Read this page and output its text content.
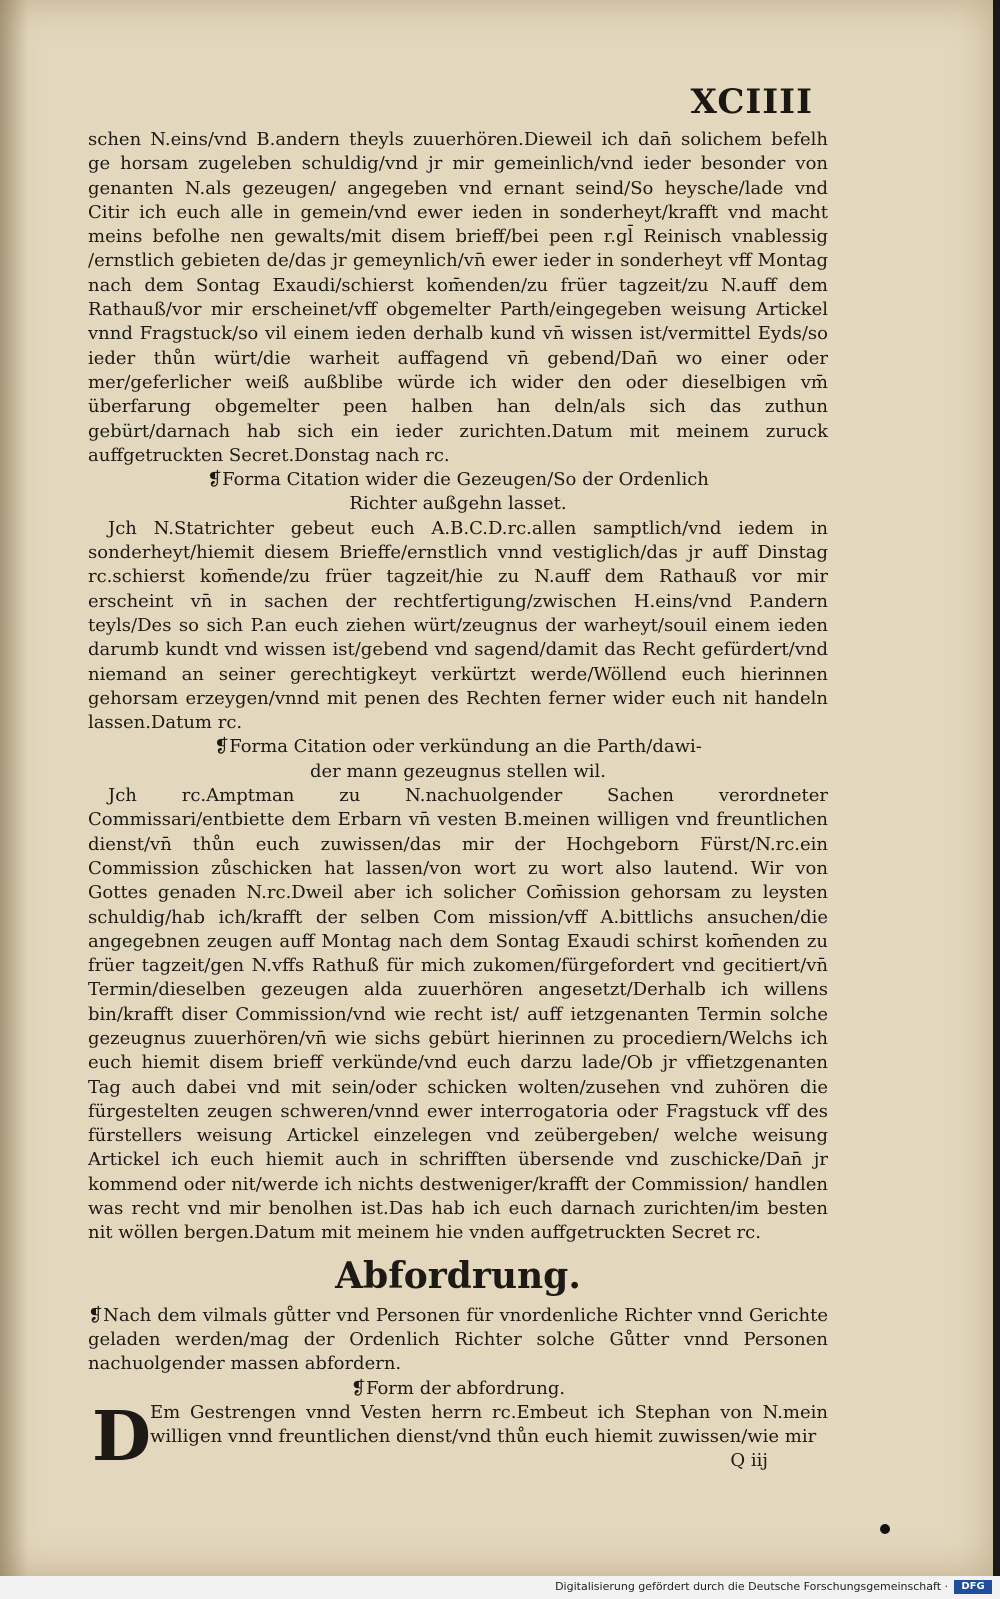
XCIIII

schen N.eins/vnd B.andern theyls zuuerhören.Dieweil ich dan̄ solichem befelh ge horsam zugeleben schuldig/vnd jr mir gemeinlich/vnd ieder besonder von genanten N.als gezeugen/ angegeben vnd ernant seind/So heysche/lade vnd Citir ich euch alle in gemein/vnd ewer ieden in sonderheyt/krafft vnd macht meins befolhe nen gewalts/mit disem brieff/bei peen r.gl̄ Reinisch vnablessig /ernstlich gebieten de/das jr gemeynlich/vn̄ ewer ieder in sonderheyt vff Montag nach dem Sontag Exaudi/schierst kom̄enden/zu früer tagzeit/zu N.auff dem Rathauß/vor mir erscheinet/vff obgemelter Parth/eingegeben weisung Artickel vnnd Fragstuck/so vil einem ieden derhalb kund vn̄ wissen ist/vermittel Eyds/so ieder thůn würt/die warheit auffagend vn̄ gebend/Dan̄ wo einer oder mer/geferlicher weiß außblibe würde ich wider den oder dieselbigen vm̄ überfarung obgemelter peen halben han deln/als sich das zuthun gebürt/darnach hab sich ein ieder zurichten.Datum mit meinem zuruck auffgetruckten Secret.Donstag nach rc.

❡Forma Citation wider die Gezeugen/So der Ordenlich

Richter außgehn lasset.

Jch N.Statrichter gebeut euch A.B.C.D.rc.allen samptlich/vnd iedem in sonderheyt/hiemit diesem Brieffe/ernstlich vnnd vestiglich/das jr auff Dinstag rc.schierst kom̄ende/zu früer tagzeit/hie zu N.auff dem Rathauß vor mir erscheint vn̄ in sachen der rechtfertigung/zwischen H.eins/vnd P.andern teyls/Des so sich P.an euch ziehen würt/zeugnus der warheyt/souil einem ieden darumb kundt vnd wissen ist/gebend vnd sagend/damit das Recht gefürdert/vnd niemand an seiner gerechtigkeyt verkürtzt werde/Wöllend euch hierinnen gehorsam erzeygen/vnnd mit penen des Rechten ferner wider euch nit handeln lassen.Datum rc.

❡Forma Citation oder verkündung an die Parth/dawi-

der mann gezeugnus stellen wil.

Jch rc.Amptman zu N.nachuolgender Sachen verordneter Commissari/entbiette dem Erbarn vn̄ vesten B.meinen willigen vnd freuntlichen dienst/vn̄ thůn euch zuwissen/das mir der Hochgeborn Fürst/N.rc.ein Commission zůschicken hat lassen/von wort zu wort also lautend. Wir von Gottes genaden N.rc.Dweil aber ich solicher Com̄ission gehorsam zu leysten schuldig/hab ich/krafft der selben Com mission/vff A.bittlichs ansuchen/die angegebnen zeugen auff Montag nach dem Sontag Exaudi schirst kom̄enden zu früer tagzeit/gen N.vffs Rathuß für mich zukomen/fürgefordert vnd gecitiert/vn̄ Termin/dieselben gezeugen alda zuuerhören angesetzt/Derhalb ich willens bin/krafft diser Commission/vnd wie recht ist/ auff ietzgenanten Termin solche gezeugnus zuuerhören/vn̄ wie sichs gebürt hierinnen zu procediern/Welchs ich euch hiemit disem brieff verkünde/vnd euch darzu lade/Ob jr vffietzgenanten Tag auch dabei vnd mit sein/oder schicken wolten/zusehen vnd zuhören die fürgestelten zeugen schweren/vnnd ewer interrogatoria oder Fragstuck vff des fürstellers weisung Artickel einzelegen vnd zeübergeben/ welche weisung Artickel ich euch hiemit auch in schrifften übersende vnd zuschicke/Dan̄ jr kommend oder nit/werde ich nichts destweniger/krafft der Commission/ handlen was recht vnd mir benolhen ist.Das hab ich euch darnach zurichten/im besten nit wöllen bergen.Datum mit meinem hie vnden auffgetruckten Secret rc.

Abfordrung.

❡Nach dem vilmals gůtter vnd Personen für vnordenliche Richter vnnd Gerichte geladen werden/mag der Ordenlich Richter solche Gůtter vnnd Personen nachuolgender massen abfordern.

❡Form der abfordrung.

D Em Gestrengen vnnd Vesten herrn rc.Embeut ich Stephan von N.mein willigen vnnd freuntlichen dienst/vnd thůn euch hiemit zuwissen/wie mir

Q iij

Digitalisierung gefördert durch die Deutsche Forschungsgemeinschaft ·	DFG
